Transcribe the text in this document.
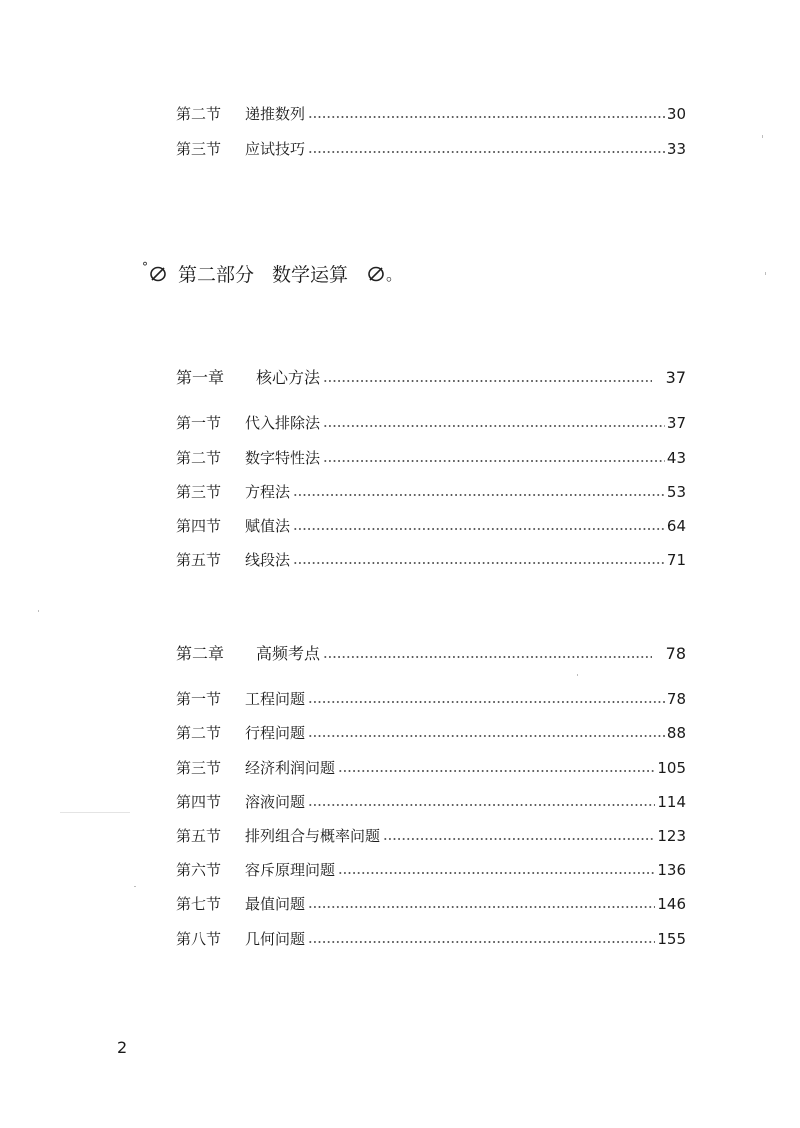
第二节	递推数列	30
第三节	应试技巧	33
° 第二部分 数学运算 。
第一章	核心方法	37
第一节	代入排除法	37
第二节	数字特性法	43
第三节	方程法	53
第四节	赋值法	64
第五节	线段法	71
第二章	高频考点	78
第一节	工程问题	78
第二节	行程问题	88
第三节	经济利润问题	105
第四节	溶液问题	114
第五节	排列组合与概率问题	123
第六节	容斥原理问题	136
第七节	最值问题	146
第八节	几何问题	155
2
